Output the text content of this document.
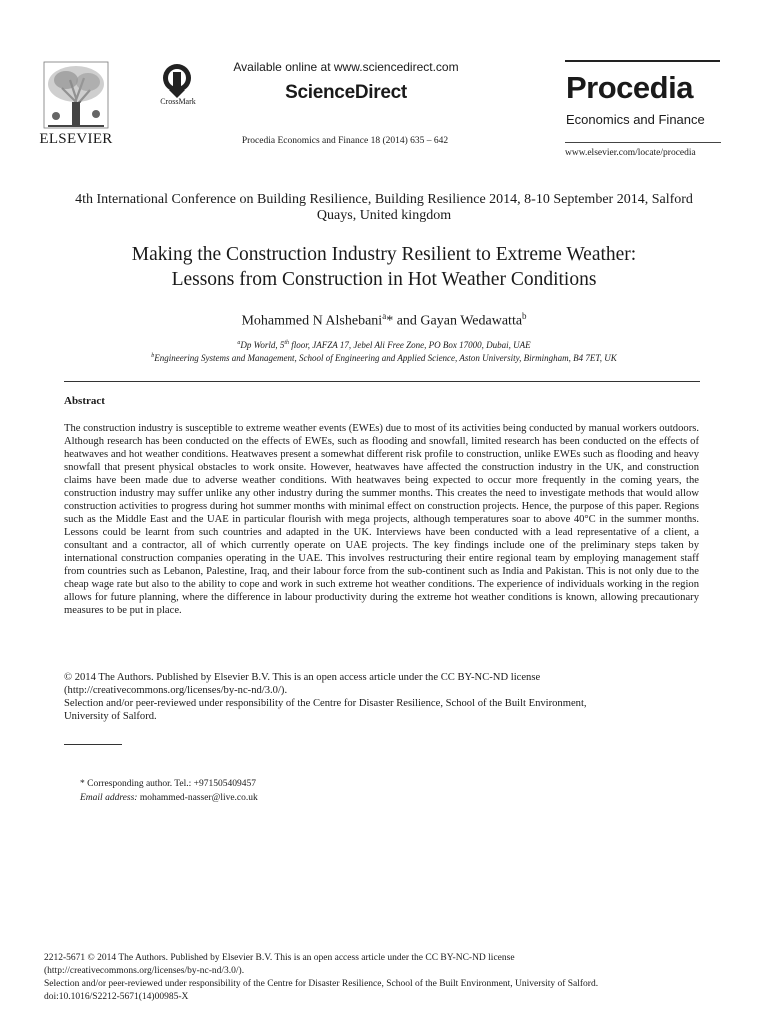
ELSEVIER
CrossMark
Available online at www.sciencedirect.com
ScienceDirect
Procedia Economics and Finance 18 (2014) 635 – 642
Procedia
Economics and Finance
www.elsevier.com/locate/procedia
4th International Conference on Building Resilience, Building Resilience 2014, 8-10 September 2014, Salford Quays, United kingdom
Making the Construction Industry Resilient to Extreme Weather:
Lessons from Construction in Hot Weather Conditions
Mohammed N Alshebani$^a$* and Gayan Wedawatta$^b$
$^a$Dp World, 5th floor, JAFZA 17, Jebel Ali Free Zone, PO Box 17000, Dubai, UAE
$^b$Engineering Systems and Management, School of Engineering and Applied Science, Aston University, Birmingham, B4 7ET, UK
Abstract
The construction industry is susceptible to extreme weather events (EWEs) due to most of its activities being conducted by manual workers outdoors. Although research has been conducted on the effects of EWEs, such as flooding and snowfall, limited research has been conducted on the effects of heatwaves and hot weather conditions. Heatwaves present a somewhat different risk profile to construction, unlike EWEs such as flooding and heavy snowfall that present physical obstacles to work onsite. However, heatwaves have affected the construction industry in the UK, and construction claims have been made due to adverse weather conditions. With heatwaves being expected to occur more frequently in the coming years, the construction industry may suffer unlike any other industry during the summer months. This creates the need to investigate methods that would allow construction activities to progress during hot summer months with minimal effect on construction projects. Hence, the purpose of this paper. Regions such as the Middle East and the UAE in particular flourish with mega projects, although temperatures soar to above 40°C in the summer months. Lessons could be learnt from such countries and adapted in the UK. Interviews have been conducted with a lead representative of a client, a consultant and a contractor, all of which currently operate on UAE projects. The key findings include one of the preliminary steps taken by international construction companies operating in the UAE. This involves restructuring their entire regional team by employing management staff from countries such as Lebanon, Palestine, Iraq, and their labour force from the sub-continent such as India and Pakistan. This is not only due to the cheap wage rate but also to the ability to cope and work in such extreme hot weather conditions. The experience of individuals working in the region allows for future planning, where the difference in labour productivity during the extreme hot weather conditions is known, allowing precautionary measures to be put in place.
© 2014 The Authors. Published by Elsevier B.V. This is an open access article under the CC BY-NC-ND license
(http://creativecommons.org/licenses/by-nc-nd/3.0/).
Selection and/or peer-reviewed under responsibility of the Centre for Disaster Resilience, School of the Built Environment,
University of Salford.
* Corresponding author. Tel.: +971505409457
Email address: mohammed-nasser@live.co.uk
2212-5671 © 2014 The Authors. Published by Elsevier B.V. This is an open access article under the CC BY-NC-ND license
(http://creativecommons.org/licenses/by-nc-nd/3.0/).
Selection and/or peer-reviewed under responsibility of the Centre for Disaster Resilience, School of the Built Environment, University of Salford.
doi:10.1016/S2212-5671(14)00985-X
